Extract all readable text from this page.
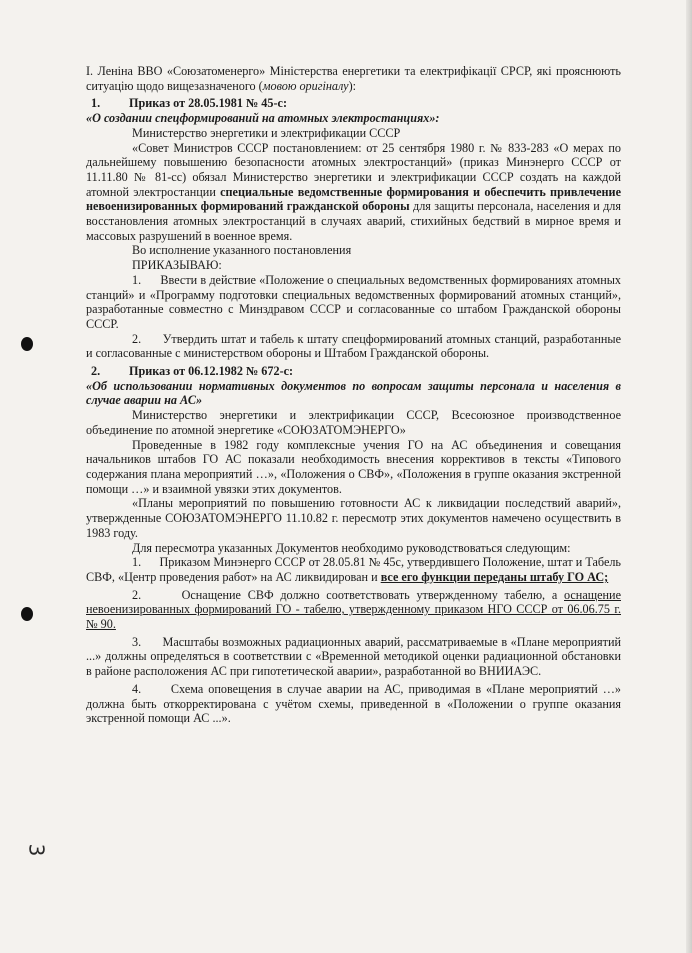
І. Леніна ВВО «Союзатоменерго» Міністерства енергетики та електрифікації СРСР, які прояснюють ситуацію щодо вищезазначеного (мовою оригіналу):

1. Приказ от 28.05.1981 № 45-с:

«О создании спецформирований на атомных электростанциях»:

Министерство энергетики и электрификации СССР

«Совет Министров СССР постановлением: от 25 сентября 1980 г. № 833-283 «О мерах по дальнейшему повышению безопасности атомных электростанций» (приказ Минэнерго СССР от 11.11.80 № 81-сс) обязал Министерство энергетики и электрификации СССР создать на каждой атомной электростанции специальные ведомственные формирования и обеспечить привлечение невоенизированных формирований гражданской обороны для защиты персонала, населения и для восстановления атомных электростанций в случаях аварий, стихийных бедствий в мирное время и массовых разрушений в военное время.

Во исполнение указанного постановления

ПРИКАЗЫВАЮ:

1.      Ввести в действие «Положение о специальных ведомственных формированиях атомных станций» и «Программу подготовки специальных ведомственных формирований атомных станций», разработанные совместно с Минздравом СССР и согласованные со штабом Гражданской обороны СССР.

2.      Утвердить штат и табель к штату спецформирований атомных станций, разработанные и согласованные с министерством обороны и Штабом Гражданской обороны.

2. Приказ от 06.12.1982 № 672-с:

«Об использовании нормативных документов по вопросам защиты персонала и населения в случае аварии на АС»

Министерство энергетики и электрификации СССР, Всесоюзное производственное объединение по атомной энергетике «СОЮЗАТОМЭНЕРГО»

Проведенные в 1982 году комплексные учения ГО на АС объединения и совещания начальников штабов ГО АС показали необходимость внесения коррективов в тексты «Типового содержания плана мероприятий …», «Положения о СВФ», «Положения в группе оказания экстренной помощи …» и взаимной увязки этих документов.

«Планы мероприятий по повышению готовности АС к ликвидации последствий аварий», утвержденные СОЮЗАТОМЭНЕРГО 11.10.82 г. пересмотр этих документов намечено осуществить в 1983 году.

Для пересмотра указанных Документов необходимо руководствоваться следующим:

1.      Приказом Минэнерго СССР от 28.05.81 № 45с, утвердившего Положение, штат и Табель СВФ, «Центр проведения работ» на АС ликвидирован и все его функции переданы штабу ГО АС;

2.      Оснащение СВФ должно соответствовать утвержденному табелю, а оснащение невоенизированных формирований ГО - табелю, утвержденному приказом НГО СССР от 06.06.75 г. № 90.

3.      Масштабы возможных радиационных аварий, рассматриваемые в «Плане мероприятий ...» должны определяться в соответствии с «Временной методикой оценки радиационной обстановки в районе расположения АС при гипотетической аварии», разработанной во ВНИИАЭС.

4.      Схема оповещения в случае аварии на АС, приводимая в «Плане мероприятий …» должна быть откорректирована с учётом схемы, приведенной в «Положении о группе оказания экстренной помощи АС ...».

3
